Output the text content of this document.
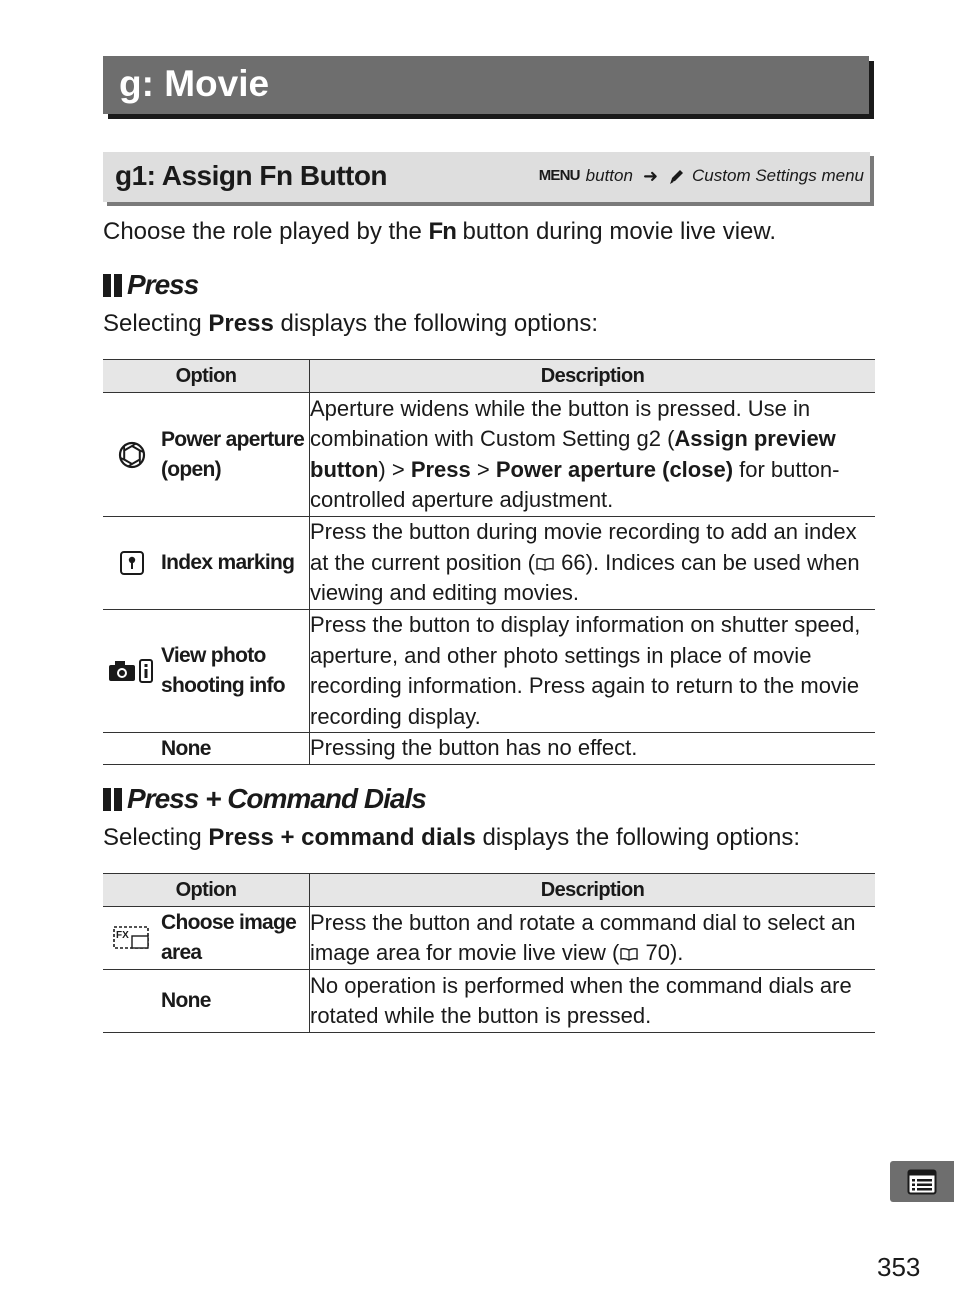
g: Movie
g1: Assign Fn Button	MENU button ➜ Custom Settings menu
Choose the role played by the Fn button during movie live view.
Press
Selecting Press displays the following options:
Option	Description

Power aperture
(open)	Aperture widens while the button is pressed. Use in combination with Custom Setting g2 (Assign preview button) > Press > Power aperture (close) for button-controlled aperture adjustment.

Index marking	Press the button during movie recording to add an index at the current position ( 66). Indices can be used when viewing and editing movies.

View photo
shooting info	Press the button to display information on shutter speed, aperture, and other photo settings in place of movie recording information. Press again to return to the movie recording display.

None	Pressing the button has no effect.
Press + Command Dials
Selecting Press + command dials displays the following options:
Option	Description

FX
Choose image
area	Press the button and rotate a command dial to select an image area for movie live view ( 70).

None	No operation is performed when the command dials are rotated while the button is pressed.
353
